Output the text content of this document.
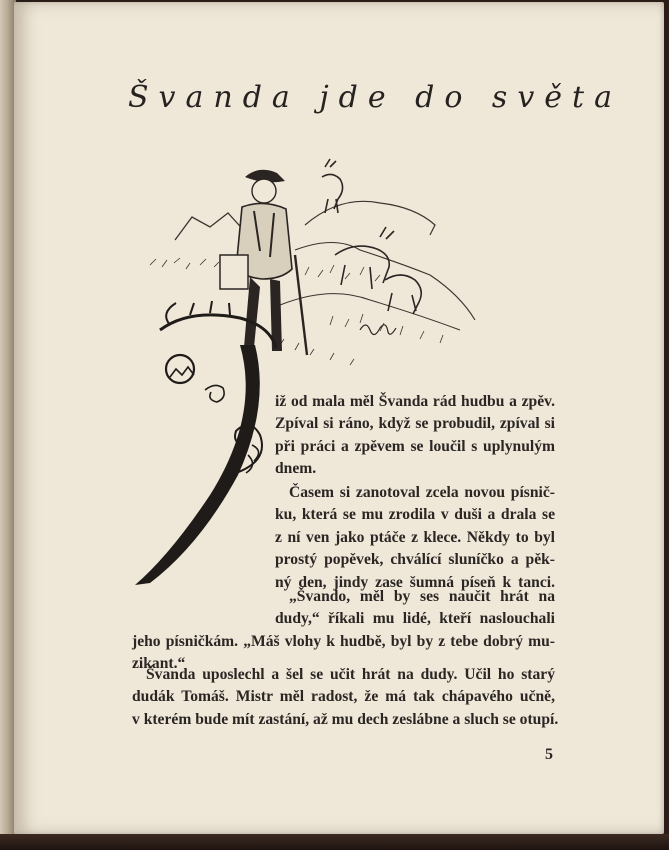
Švanda jde do světa
iž od mala měl Švanda rád hudbu a zpěv.
Zpíval si ráno, když se probudil, zpíval si
při práci a zpěvem se loučil s uplynulým
dnem.
Časem si zanotoval zcela novou písnič-
ku, která se mu zrodila v duši a drala se
z ní ven jako ptáče z klece. Někdy to byl
prostý popěvek, chválící sluníčko a pěk-
ný den, jindy zase šumná píseň k tanci.
„Švando, měl by ses naučit hrát na
dudy,“ říkali mu lidé, kteří naslouchali
jeho písničkám. „Máš vlohy k hudbě, byl by z tebe dobrý mu-
zikant.“
Švanda uposlechl a šel se učit hrát na dudy. Učil ho starý
dudák Tomáš. Mistr měl radost, že má tak chápavého učně,
v kterém bude mít zastání, až mu dech zeslábne a sluch se otupí.
5
